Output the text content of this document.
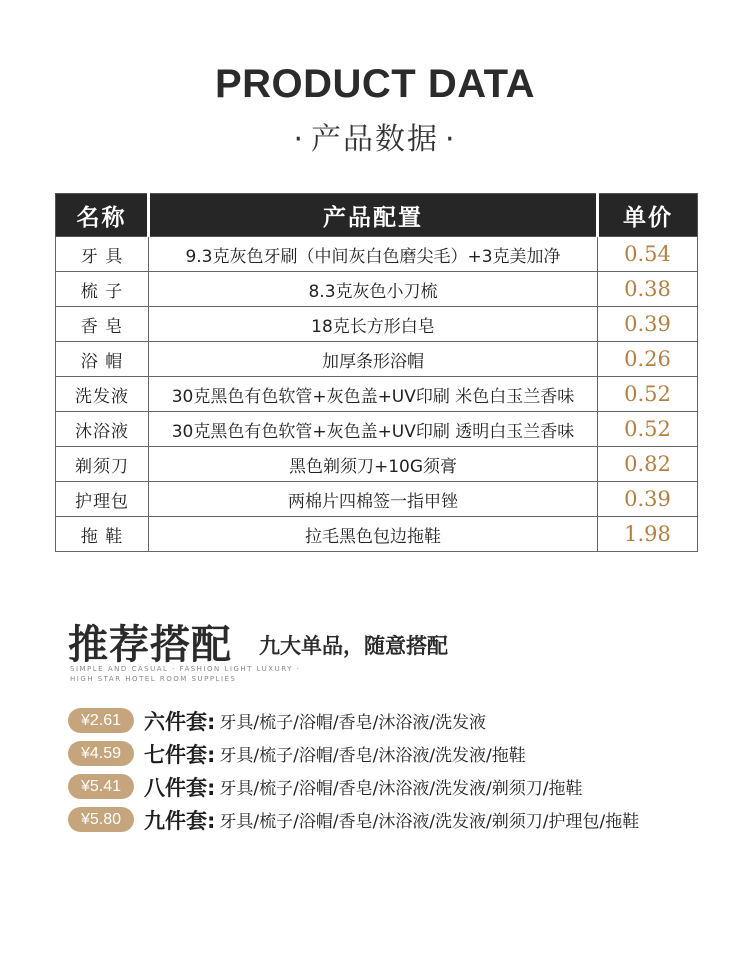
PRODUCT DATA
· 产品数据 ·
名称	产品配置	单价
牙 具	9.3克灰色牙刷（中间灰白色磨尖毛）+3克美加净	0.54
梳 子	8.3克灰色小刀梳	0.38
香 皂	18克长方形白皂	0.39
浴 帽	加厚条形浴帽	0.26
洗发液	30克黑色有色软管+灰色盖+UV印刷 米色白玉兰香味	0.52
沐浴液	30克黑色有色软管+灰色盖+UV印刷 透明白玉兰香味	0.52
剃须刀	黑色剃须刀+10G须膏	0.82
护理包	两棉片四棉签一指甲锉	0.39
拖 鞋	拉毛黑色包边拖鞋	1.98
推荐搭配 九大单品，随意搭配
SIMPLE AND CASUAL · FASHION LIGHT LUXURY ·
HIGH STAR HOTEL ROOM SUPPLIES
¥2.61	六件套: 牙具/梳子/浴帽/香皂/沐浴液/洗发液
¥4.59	七件套: 牙具/梳子/浴帽/香皂/沐浴液/洗发液/拖鞋
¥5.41	八件套: 牙具/梳子/浴帽/香皂/沐浴液/洗发液/剃须刀/拖鞋
¥5.80	九件套: 牙具/梳子/浴帽/香皂/沐浴液/洗发液/剃须刀/护理包/拖鞋
